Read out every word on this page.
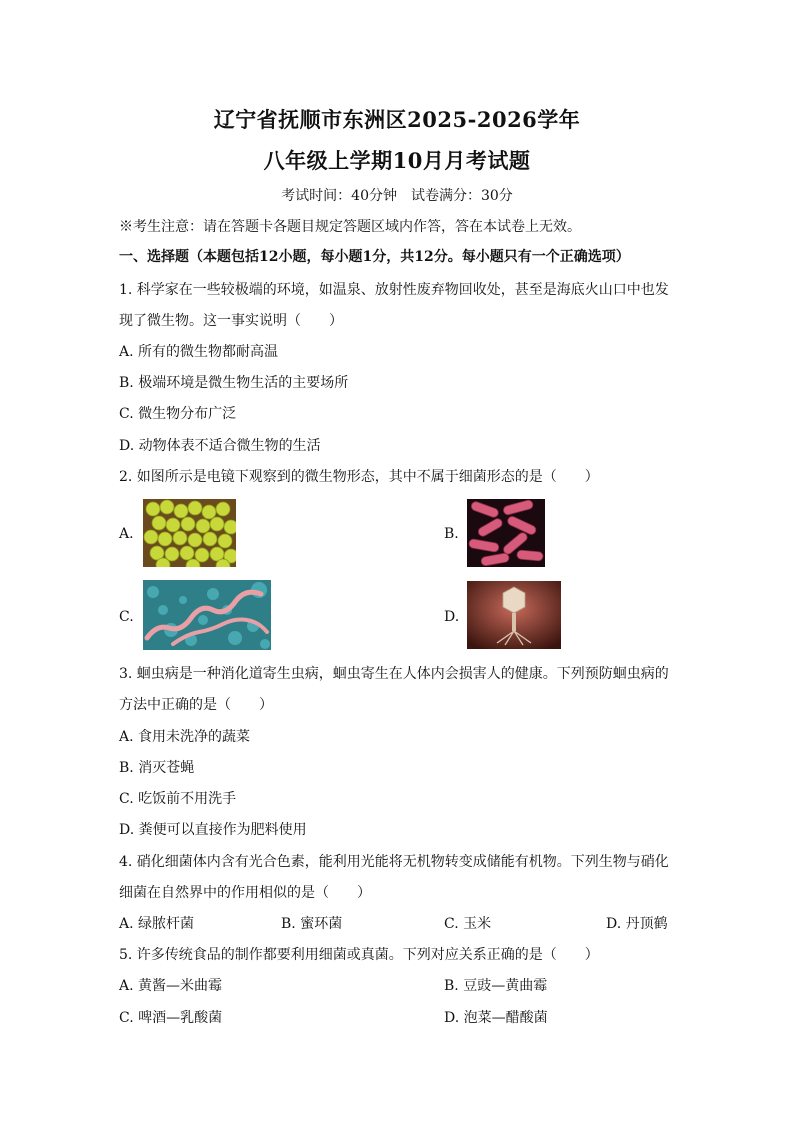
辽宁省抚顺市东洲区2025-2026学年
八年级上学期10月月考试题
考试时间：40分钟　试卷满分：30分
※考生注意：请在答题卡各题目规定答题区域内作答，答在本试卷上无效。
一、选择题（本题包括12小题，每小题1分，共12分。每小题只有一个正确选项）
1. 科学家在一些较极端的环境，如温泉、放射性废弃物回收处，甚至是海底火山口中也发
现了微生物。这一事实说明（　　）
A. 所有的微生物都耐高温
B. 极端环境是微生物生活的主要场所
C. 微生物分布广泛
D. 动物体表不适合微生物的生活
2. 如图所示是电镜下观察到的微生物形态，其中不属于细菌形态的是（　　）
A.	B.
C.	D.
3. 蛔虫病是一种消化道寄生虫病，蛔虫寄生在人体内会损害人的健康。下列预防蛔虫病的
方法中正确的是（　　）
A. 食用未洗净的蔬菜
B. 消灭苍蝇
C. 吃饭前不用洗手
D. 粪便可以直接作为肥料使用
4. 硝化细菌体内含有光合色素，能利用光能将无机物转变成储能有机物。下列生物与硝化
细菌在自然界中的作用相似的是（　　）
A. 绿脓杆菌	B. 蜜环菌	C. 玉米	D. 丹顶鹤
5. 许多传统食品的制作都要利用细菌或真菌。下列对应关系正确的是（　　）
A. 黄酱—米曲霉	B. 豆豉—黄曲霉
C. 啤酒—乳酸菌	D. 泡菜—醋酸菌
